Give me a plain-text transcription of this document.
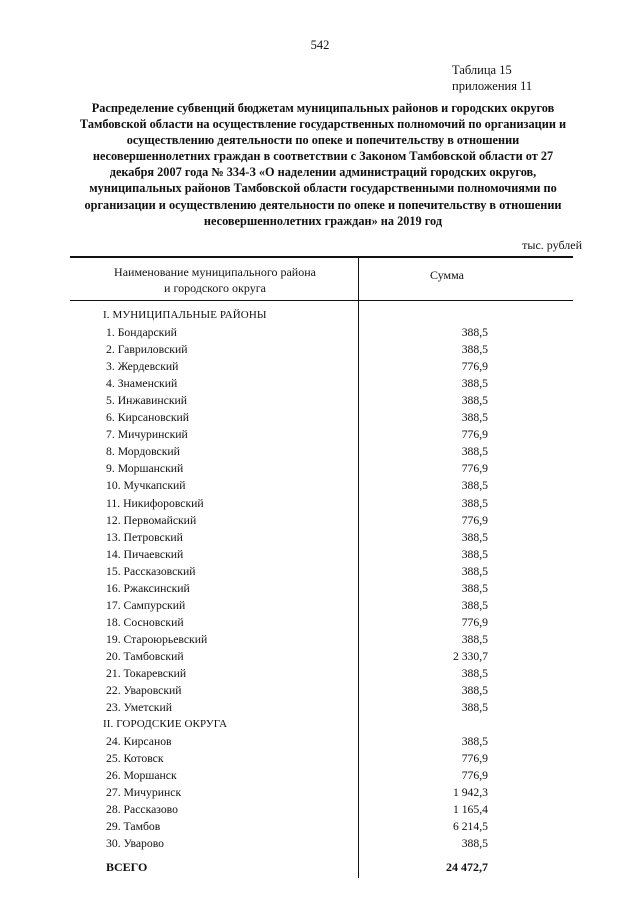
542
Таблица 15
приложения 11
Распределение субвенций бюджетам муниципальных районов и городских округов Тамбовской области на осуществление государственных полномочий по организации и осуществлению деятельности по опеке и попечительству в отношении несовершеннолетних граждан в соответствии с Законом Тамбовской области от 27 декабря 2007 года № 334-З «О наделении администраций городских округов, муниципальных районов Тамбовской области государственными полномочиями по организации и осуществлению деятельности по опеке и попечительству в отношении несовершеннолетних граждан» на 2019 год
тыс. рублей
Наименование муниципального района
и городского округа
Сумма
I. МУНИЦИПАЛЬНЫЕ РАЙОНЫ
1. Бондарский	388,5
2. Гавриловский	388,5
3. Жердевский	776,9
4. Знаменский	388,5
5. Инжавинский	388,5
6. Кирсановский	388,5
7. Мичуринский	776,9
8. Мордовский	388,5
9. Моршанский	776,9
10. Мучкапский	388,5
11. Никифоровский	388,5
12. Первомайский	776,9
13. Петровский	388,5
14. Пичаевский	388,5
15. Рассказовский	388,5
16. Ржаксинский	388,5
17. Сампурский	388,5
18. Сосновский	776,9
19. Староюрьевский	388,5
20. Тамбовский	2 330,7
21. Токаревский	388,5
22. Уваровский	388,5
23. Уметский	388,5
II. ГОРОДСКИЕ ОКРУГА
24. Кирсанов	388,5
25. Котовск	776,9
26. Моршанск	776,9
27. Мичуринск	1 942,3
28. Рассказово	1 165,4
29. Тамбов	6 214,5
30. Уварово	388,5
ВСЕГО	24 472,7
